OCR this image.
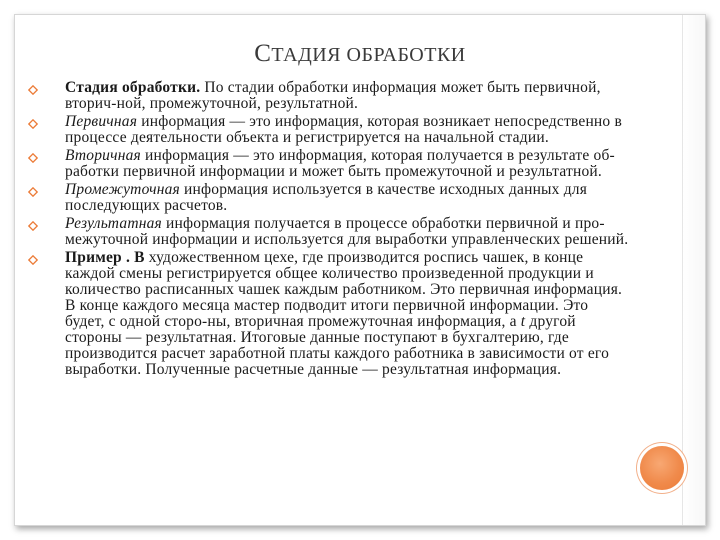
СТАДИЯ ОБРАБОТКИ
Стадия обработки. По стадии обработки информация может быть первичной, вторич-ной, промежуточной, результатной.
Первичная информация — это информация, которая возникает непосредственно в процессе деятельности объекта и регистрируется на начальной стадии.
Вторичная информация — это информация, которая получается в результате об-работки первичной информации и может быть промежуточной и результатной.
Промежуточная информация используется в качестве исходных данных для последующих расчетов.
Результатная информация получается в процессе обработки первичной и про-межуточной информации и используется для выработки управленческих решений.
Пример . В художественном цехе, где производится роспись чашек, в конце каждой смены регистрируется общее количество произведенной продукции и количество расписанных чашек каждым работником. Это первичная информация. В конце каждого месяца мастер подводит итоги первичной информации. Это будет, с одной сторо-ны, вторичная промежуточная информация, а t другой стороны — результатная. Итоговые данные поступают в бухгалтерию, где производится расчет заработной платы каждого работника в зависимости от его выработки. Полученные расчетные данные — результатная информация.
